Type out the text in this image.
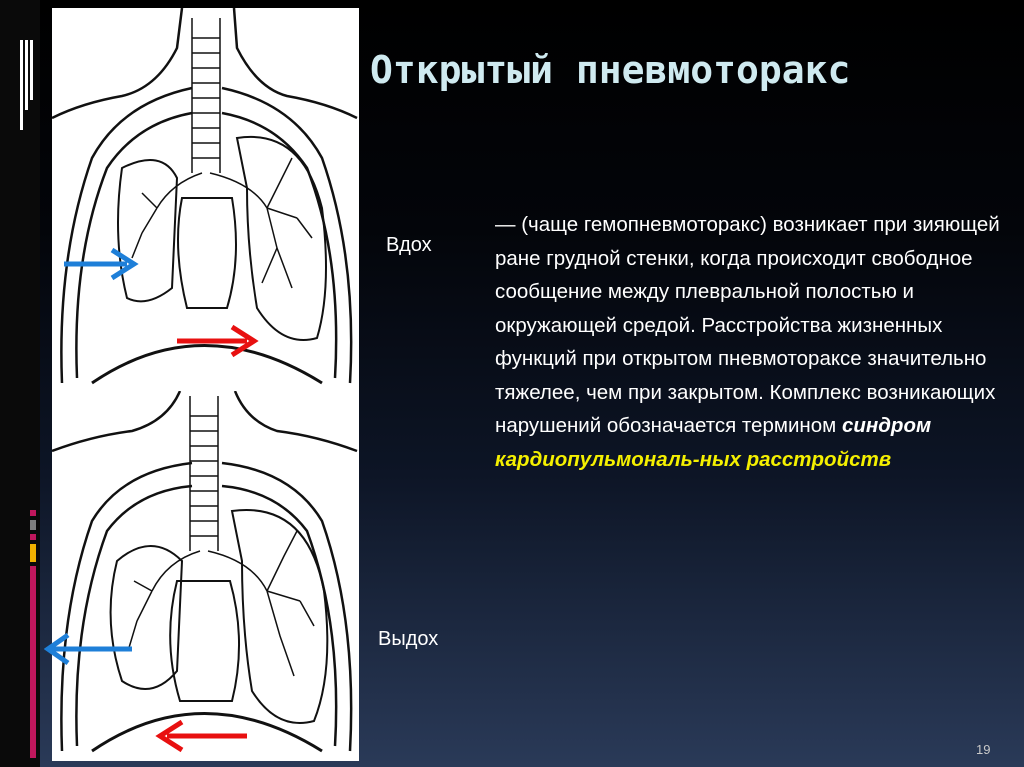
Открытый пневмоторакс
Вдох
Выдох
— (чаще гемопневмоторакс) возникает при зияющей ране грудной стенки, когда происходит свободное сообщение между плевральной полостью и окружающей средой. Расстройства жизненных функций при открытом пневмотораксе значительно тяжелее, чем при закрытом. Комплекс возникающих нарушений обозначается термином синдром кардиопульмональ-ных расстройств
19
